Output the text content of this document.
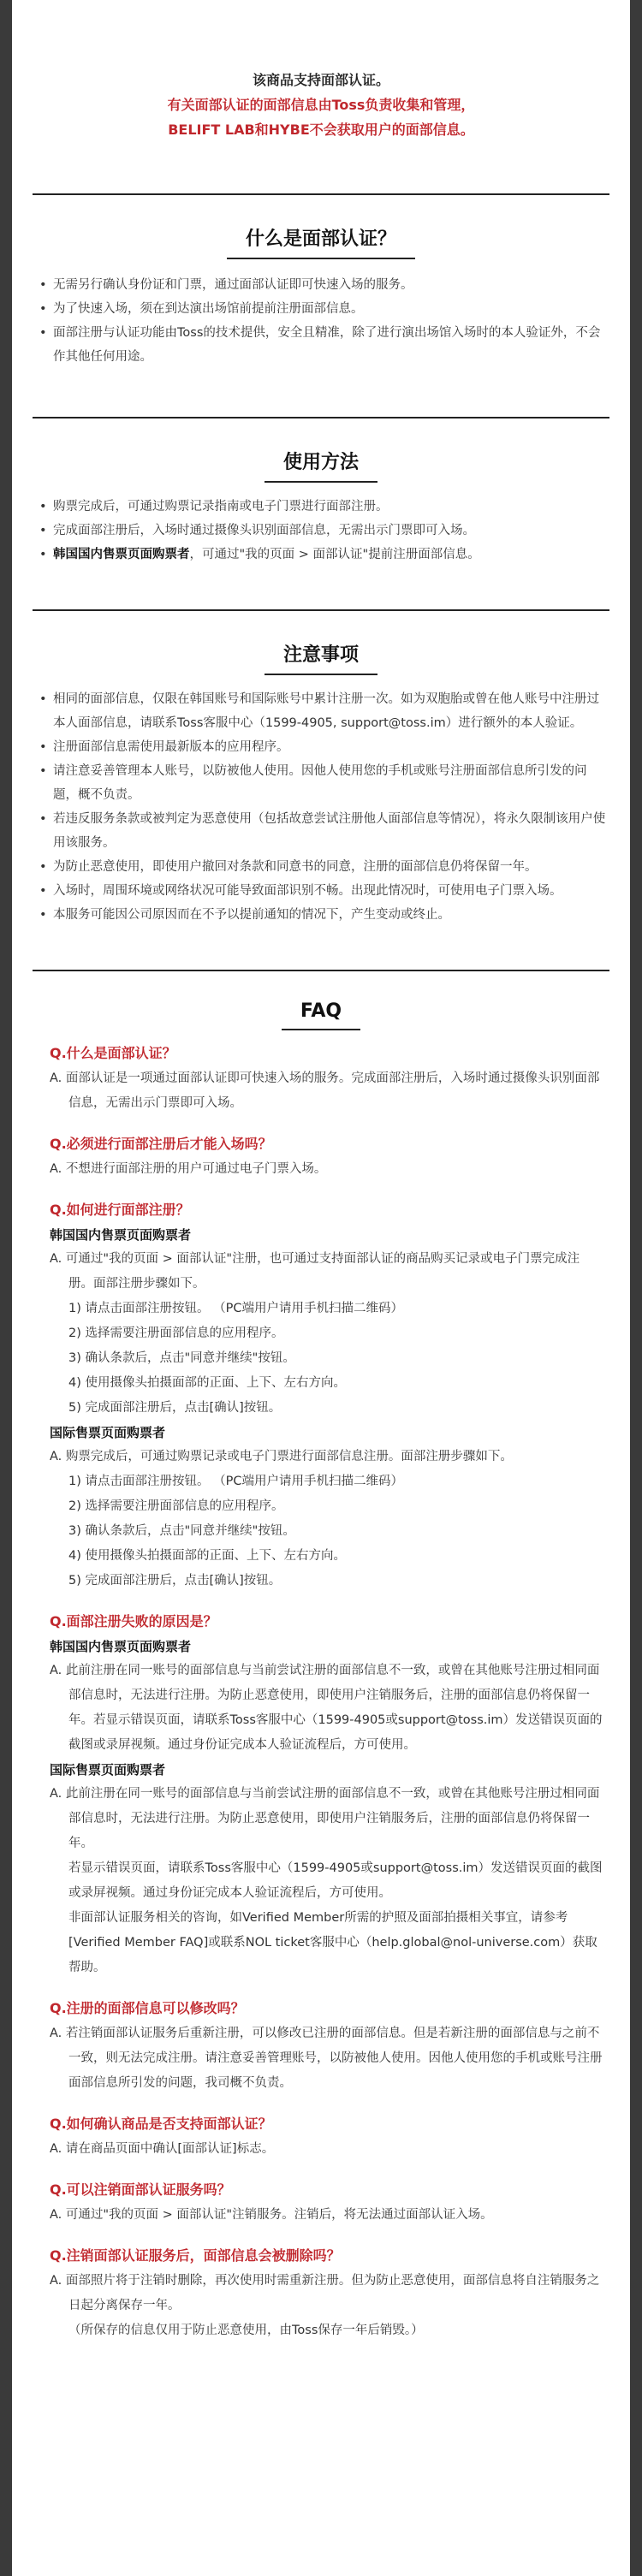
该商品支持面部认证。
有关面部认证的面部信息由Toss负责收集和管理，
BELIFT LAB和HYBE不会获取用户的面部信息。
什么是面部认证？
• 无需另行确认身份证和门票，通过面部认证即可快速入场的服务。
• 为了快速入场，须在到达演出场馆前提前注册面部信息。
• 面部注册与认证功能由Toss的技术提供，安全且精准，除了进行演出场馆入场时的本人验证外，不会作其他任何用途。
使用方法
• 购票完成后，可通过购票记录指南或电子门票进行面部注册。
• 完成面部注册后，入场时通过摄像头识别面部信息，无需出示门票即可入场。
• 韩国国内售票页面购票者，可通过"我的页面 > 面部认证"提前注册面部信息。
注意事项
• 相同的面部信息，仅限在韩国账号和国际账号中累计注册一次。如为双胞胎或曾在他人账号中注册过本人面部信息，请联系Toss客服中心（1599-4905, support@toss.im）进行额外的本人验证。
• 注册面部信息需使用最新版本的应用程序。
• 请注意妥善管理本人账号，以防被他人使用。因他人使用您的手机或账号注册面部信息所引发的问题，概不负责。
• 若违反服务条款或被判定为恶意使用（包括故意尝试注册他人面部信息等情况），将永久限制该用户使用该服务。
• 为防止恶意使用，即使用户撤回对条款和同意书的同意，注册的面部信息仍将保留一年。
• 入场时，周围环境或网络状况可能导致面部识别不畅。出现此情况时，可使用电子门票入场。
• 本服务可能因公司原因而在不予以提前通知的情况下，产生变动或终止。
FAQ
Q.什么是面部认证？
A. 面部认证是一项通过面部认证即可快速入场的服务。完成面部注册后，入场时通过摄像头识别面部信息，无需出示门票即可入场。
Q.必须进行面部注册后才能入场吗？
A. 不想进行面部注册的用户可通过电子门票入场。
Q.如何进行面部注册？
韩国国内售票页面购票者
A. 可通过"我的页面 > 面部认证"注册，也可通过支持面部认证的商品购买记录或电子门票完成注册。面部注册步骤如下。
1) 请点击面部注册按钮。 （PC端用户请用手机扫描二维码）
2) 选择需要注册面部信息的应用程序。
3) 确认条款后，点击"同意并继续"按钮。
4) 使用摄像头拍摄面部的正面、上下、左右方向。
5) 完成面部注册后，点击[确认]按钮。
国际售票页面购票者
A. 购票完成后，可通过购票记录或电子门票进行面部信息注册。面部注册步骤如下。
1) 请点击面部注册按钮。 （PC端用户请用手机扫描二维码）
2) 选择需要注册面部信息的应用程序。
3) 确认条款后，点击"同意并继续"按钮。
4) 使用摄像头拍摄面部的正面、上下、左右方向。
5) 完成面部注册后，点击[确认]按钮。
Q.面部注册失败的原因是？
韩国国内售票页面购票者
A. 此前注册在同一账号的面部信息与当前尝试注册的面部信息不一致，或曾在其他账号注册过相同面部信息时，无法进行注册。为防止恶意使用，即使用户注销服务后，注册的面部信息仍将保留一年。若显示错误页面，请联系Toss客服中心（1599-4905或support@toss.im）发送错误页面的截图或录屏视频。通过身份证完成本人验证流程后，方可使用。
国际售票页面购票者
A. 此前注册在同一账号的面部信息与当前尝试注册的面部信息不一致，或曾在其他账号注册过相同面部信息时，无法进行注册。为防止恶意使用，即使用户注销服务后，注册的面部信息仍将保留一年。
若显示错误页面，请联系Toss客服中心（1599-4905或support@toss.im）发送错误页面的截图或录屏视频。通过身份证完成本人验证流程后，方可使用。
非面部认证服务相关的咨询，如Verified Member所需的护照及面部拍摄相关事宜，请参考[Verified Member FAQ]或联系NOL ticket客服中心（help.global@nol-universe.com）获取帮助。
Q.注册的面部信息可以修改吗？
A. 若注销面部认证服务后重新注册，可以修改已注册的面部信息。但是若新注册的面部信息与之前不一致，则无法完成注册。请注意妥善管理账号，以防被他人使用。因他人使用您的手机或账号注册面部信息所引发的问题，我司概不负责。
Q.如何确认商品是否支持面部认证？
A. 请在商品页面中确认[面部认证]标志。
Q.可以注销面部认证服务吗？
A. 可通过"我的页面 > 面部认证"注销服务。注销后，将无法通过面部认证入场。
Q.注销面部认证服务后，面部信息会被删除吗？
A. 面部照片将于注销时删除，再次使用时需重新注册。但为防止恶意使用，面部信息将自注销服务之日起分离保存一年。
（所保存的信息仅用于防止恶意使用，由Toss保存一年后销毁。）
